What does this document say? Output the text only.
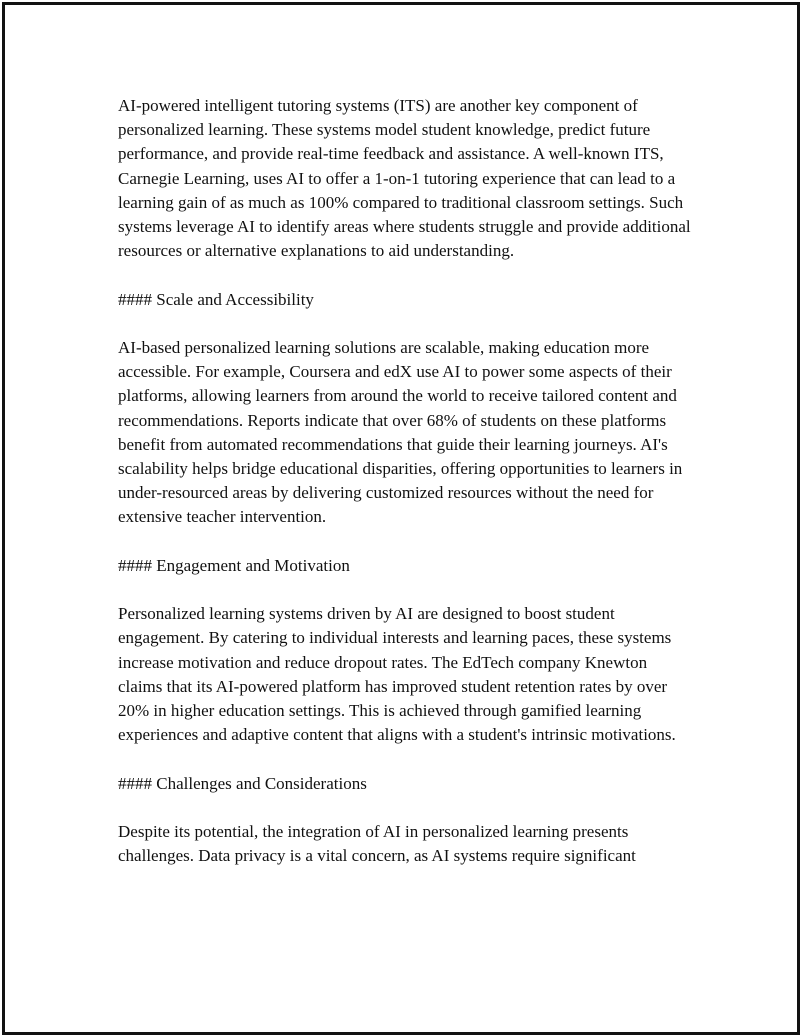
AI-powered intelligent tutoring systems (ITS) are another key component of personalized learning. These systems model student knowledge, predict future performance, and provide real-time feedback and assistance. A well-known ITS, Carnegie Learning, uses AI to offer a 1-on-1 tutoring experience that can lead to a learning gain of as much as 100% compared to traditional classroom settings. Such systems leverage AI to identify areas where students struggle and provide additional resources or alternative explanations to aid understanding.

#### Scale and Accessibility

AI-based personalized learning solutions are scalable, making education more accessible. For example, Coursera and edX use AI to power some aspects of their platforms, allowing learners from around the world to receive tailored content and recommendations. Reports indicate that over 68% of students on these platforms benefit from automated recommendations that guide their learning journeys. AI's scalability helps bridge educational disparities, offering opportunities to learners in under-resourced areas by delivering customized resources without the need for extensive teacher intervention.

#### Engagement and Motivation

Personalized learning systems driven by AI are designed to boost student engagement. By catering to individual interests and learning paces, these systems increase motivation and reduce dropout rates. The EdTech company Knewton claims that its AI-powered platform has improved student retention rates by over 20% in higher education settings. This is achieved through gamified learning experiences and adaptive content that aligns with a student's intrinsic motivations.

#### Challenges and Considerations

Despite its potential, the integration of AI in personalized learning presents challenges. Data privacy is a vital concern, as AI systems require significant
